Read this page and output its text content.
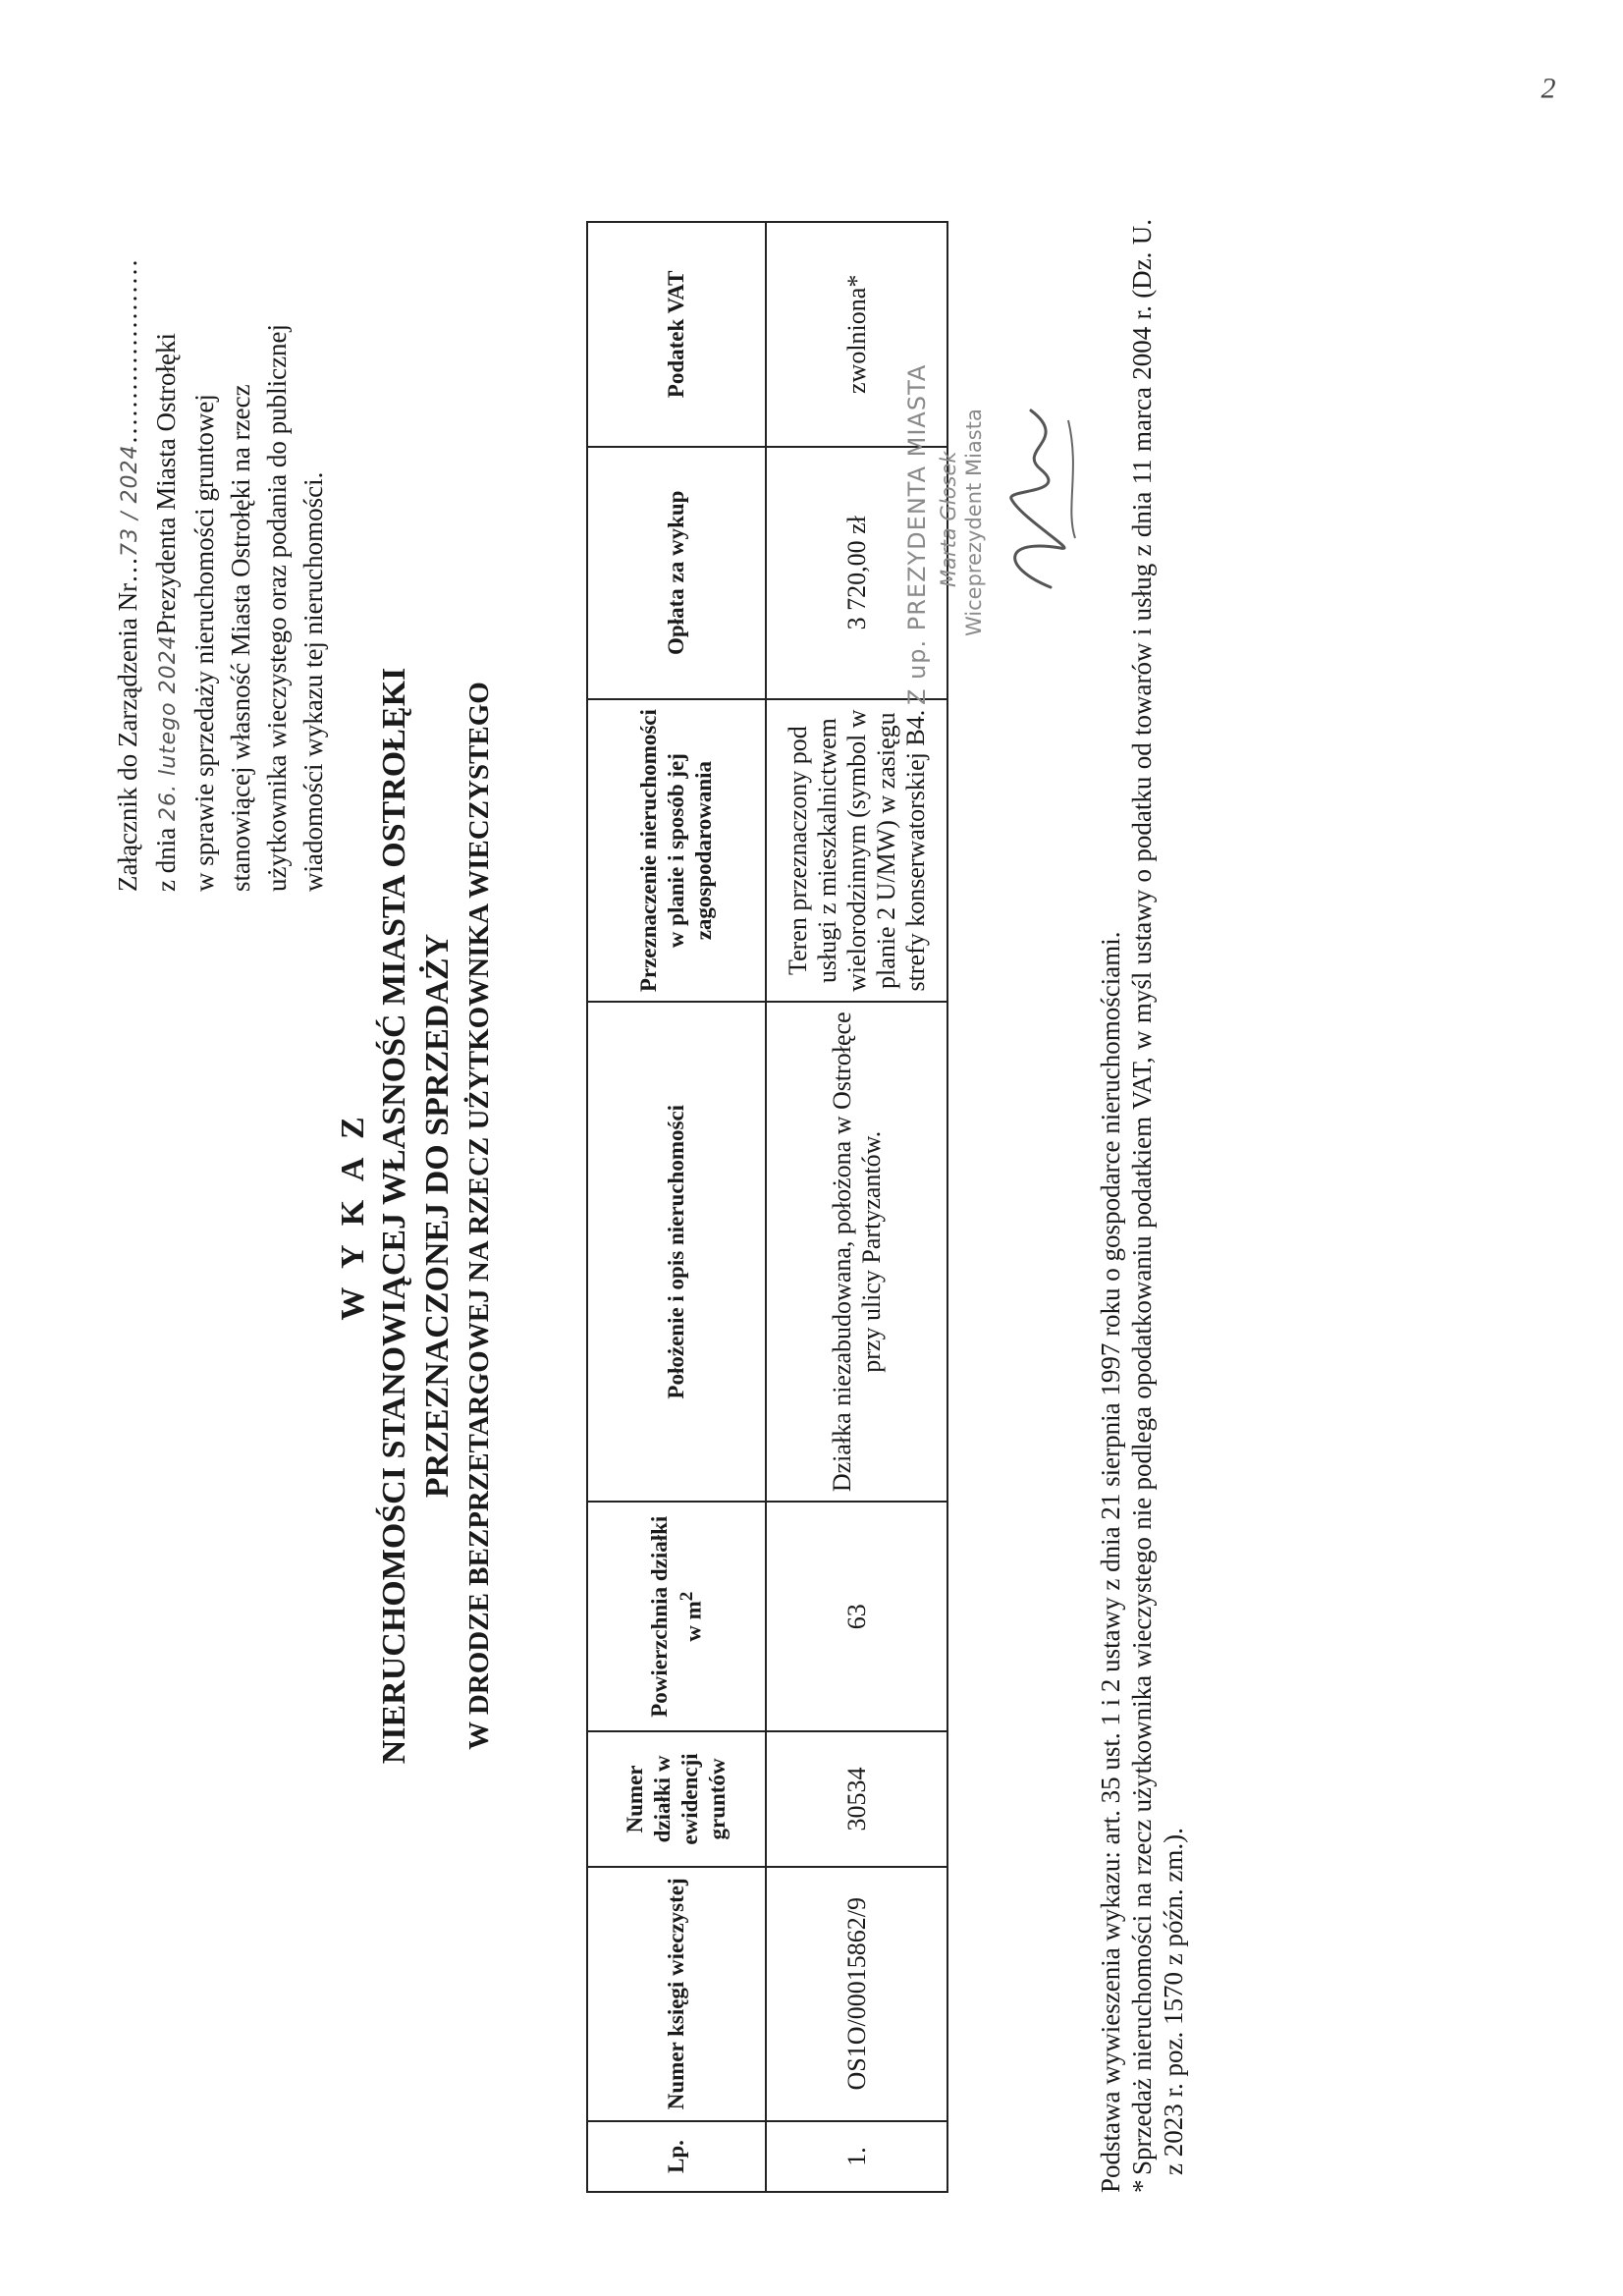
Załącznik do Zarządzenia Nr…73 / 2024…………………
z dnia 26. lutego 2024Prezydenta Miasta Ostrołęki w sprawie sprzedaży nieruchomości gruntowej stanowiącej własność Miasta Ostrołęki na rzecz użytkownika wieczystego oraz podania do publicznej wiadomości wykazu tej nieruchomości.
W Y K A Z NIERUCHOMOŚCI STANOWIĄCEJ WŁASNOŚĆ MIASTA OSTROŁĘKI PRZEZNACZONEJ DO SPRZEDAŻY W DRODZE BEZPRZETARGOWEJ NA RZECZ UŻYTKOWNIKA WIECZYSTEGO
Lp.	Numer księgi wieczystej	Numer działki w ewidencji gruntów	Powierzchnia działki w $m^2$	Położenie i opis nieruchomości	Przeznaczenie nieruchomości w planie i sposób jej zagospodarowania	Opłata za wykup	Podatek VAT
1.	OS1O/00015862/9	30534	63	Działka niezabudowana, położona w Ostrołęce przy ulicy Partyzantów.	Teren przeznaczony pod usługi z mieszkalnictwem wielorodzinnym (symbol w planie 2 U/MW) w zasięgu strefy konserwatorskiej B4.	3 720,00 zł	zwolniona*
Z up. PREZYDENTA MIASTA Marta Głosek Wiceprezydent Miasta
Podstawa wywieszenia wykazu: art. 35 ust. 1 i 2 ustawy z dnia 21 sierpnia 1997 roku o gospodarce nieruchomościami. *
Sprzedaż nieruchomości na rzecz użytkownika wieczystego nie podlega opodatkowaniu podatkiem VAT, w myśl ustawy o podatku od towarów i usług z dnia 11 marca 2004 r. (Dz. U. z 2023 r. poz. 1570 z późn. zm.).
2
